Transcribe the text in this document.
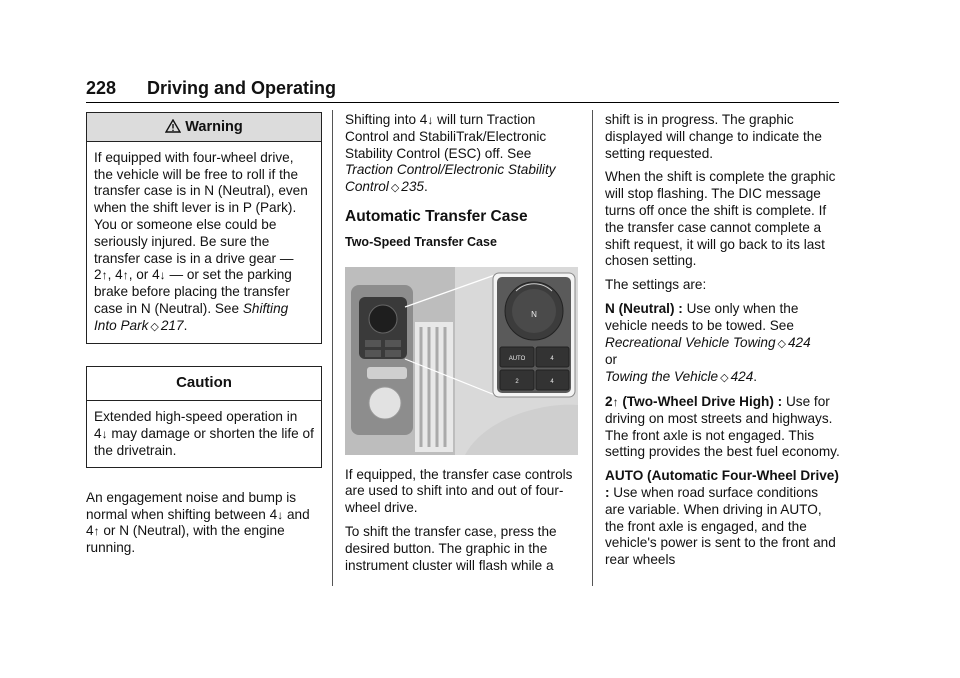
228 Driving and Operating
Warning
If equipped with four-wheel drive, the vehicle will be free to roll if the transfer case is in N (Neutral), even when the shift lever is in P (Park). You or someone else could be seriously injured. Be sure the transfer case is in a drive gear — 2↑, 4↑, or 4↓ — or set the parking brake before placing the transfer case in N (Neutral). See Shifting Into Park ◇ 217.
Caution
Extended high-speed operation in 4↓ may damage or shorten the life of the drivetrain.

An engagement noise and bump is normal when shifting between 4↓ and 4↑ or N (Neutral), with the engine running.

Shifting into 4↓ will turn Traction Control and StabiliTrak/Electronic Stability Control (ESC) off. See Traction Control/Electronic Stability Control ◇ 235.

Automatic Transfer Case
Two-Speed Transfer Case
N
AUTO	4
2	4

If equipped, the transfer case controls are used to shift into and out of four-wheel drive.

To shift the transfer case, press the desired button. The graphic in the instrument cluster will flash while a

shift is in progress. The graphic displayed will change to indicate the setting requested.

When the shift is complete the graphic will stop flashing. The DIC message turns off once the shift is complete. If the transfer case cannot complete a shift request, it will go back to its last chosen setting.

The settings are:

N (Neutral) : Use only when the vehicle needs to be towed. See Recreational Vehicle Towing ◇ 424
or
Towing the Vehicle ◇ 424.

2↑ (Two-Wheel Drive High) : Use for driving on most streets and highways. The front axle is not engaged. This setting provides the best fuel economy.

AUTO (Automatic Four-Wheel Drive) : Use when road surface conditions are variable. When driving in AUTO, the front axle is engaged, and the vehicle's power is sent to the front and rear wheels
